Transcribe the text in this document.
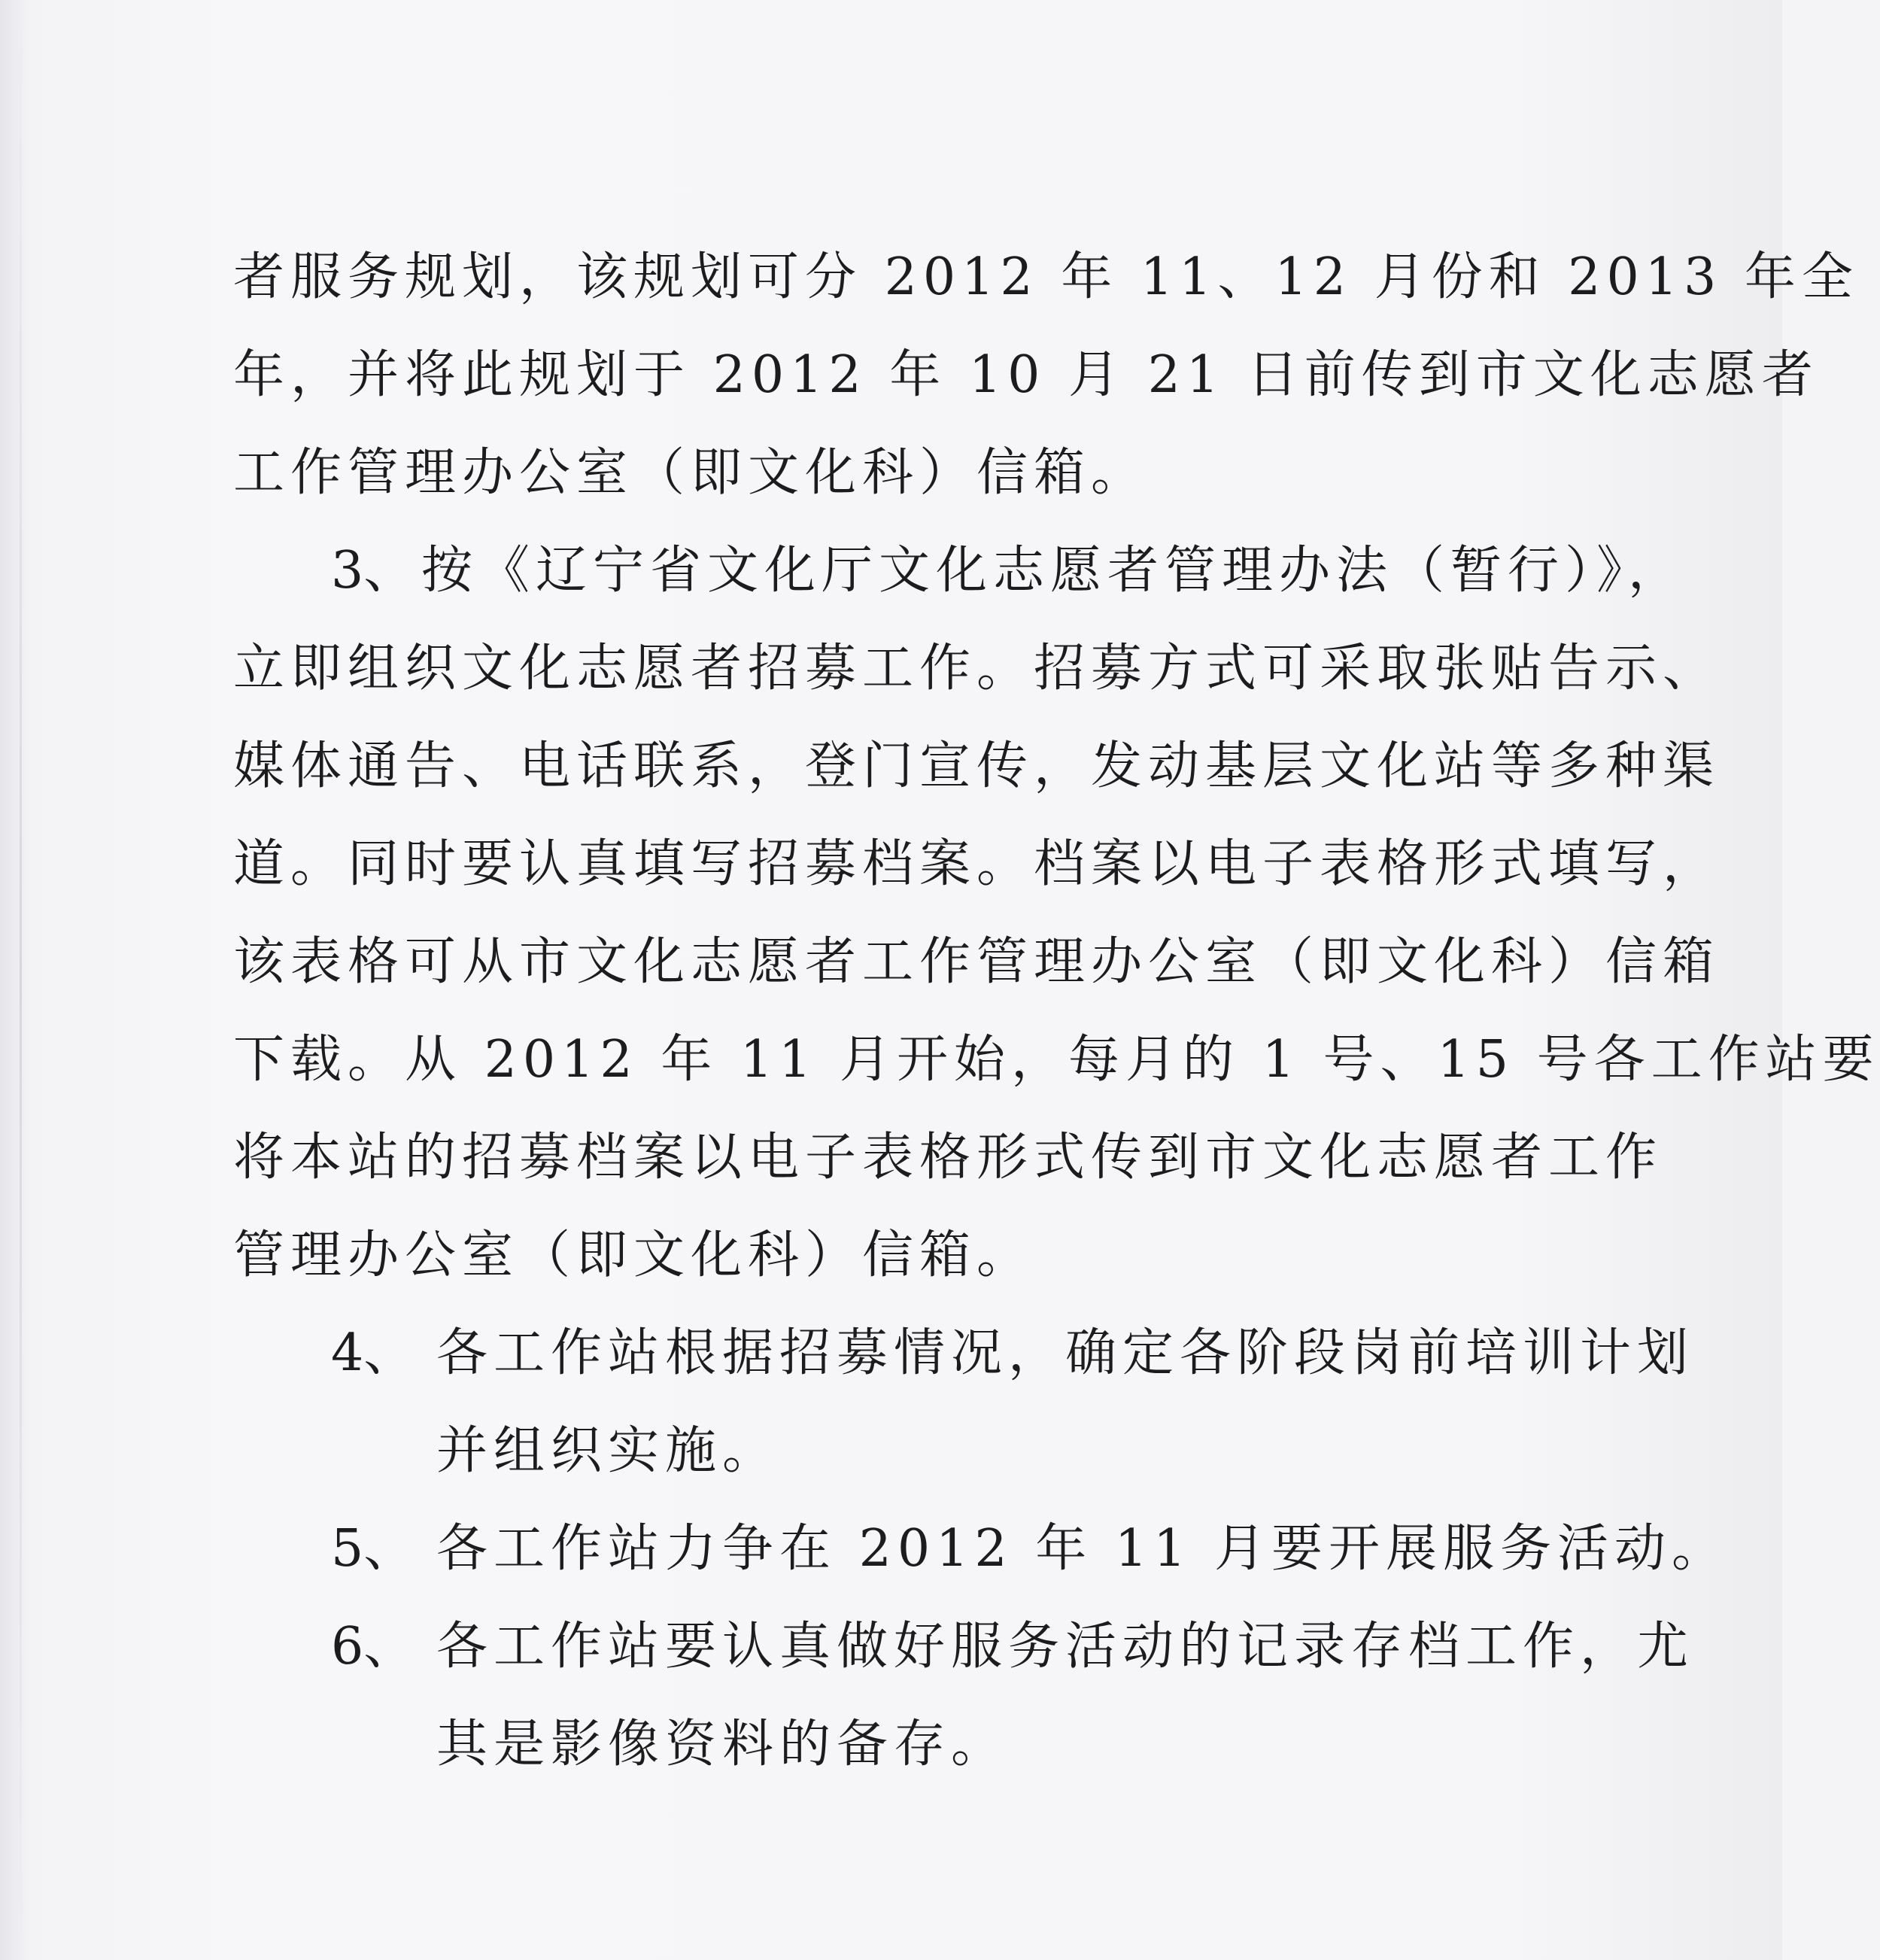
者服务规划，该规划可分 2012 年 11、12 月份和 2013 年全
年，并将此规划于 2012 年 10 月 21 日前传到市文化志愿者
工作管理办公室（即文化科）信箱。
3、 按《辽宁省文化厅文化志愿者管理办法（暂行）》，
立即组织文化志愿者招募工作。招募方式可采取张贴告示、
媒体通告、电话联系，登门宣传，发动基层文化站等多种渠
道。同时要认真填写招募档案。档案以电子表格形式填写，
该表格可从市文化志愿者工作管理办公室（即文化科）信箱
下载。从 2012 年 11 月开始，每月的 1 号、15 号各工作站要
将本站的招募档案以电子表格形式传到市文化志愿者工作
管理办公室（即文化科）信箱。
4、 各工作站根据招募情况，确定各阶段岗前培训计划
并组织实施。
5、 各工作站力争在 2012 年 11 月要开展服务活动。
6、 各工作站要认真做好服务活动的记录存档工作，尤
其是影像资料的备存。
